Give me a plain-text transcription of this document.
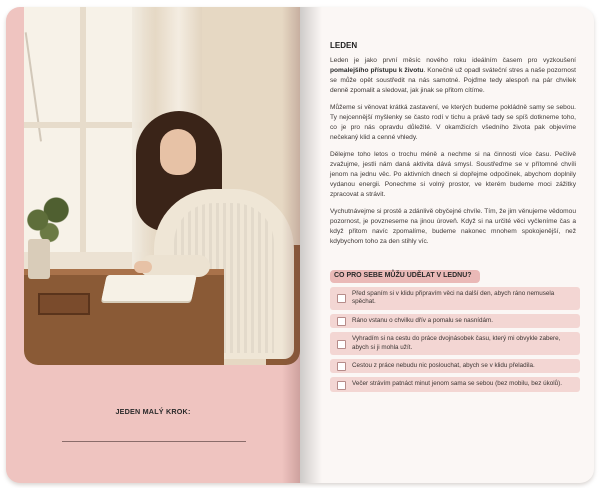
JEDEN MALÝ KROK:
LEDEN

Leden je jako první měsíc nového roku ideálním časem pro vyzkoušení pomalejšího přístupu k životu. Konečně už opadl sváteční stres a naše pozornost se může opět soustředit na nás samotné. Pojďme tedy alespoň na pár chvilek denně zpomalit a sledovat, jak jinak se přitom cítíme.

Můžeme si věnovat krátká zastavení, ve kterých budeme pokládně samy se sebou. Ty nejcennější myšlenky se často rodí v tichu a právě tady se spíš dotkneme toho, co je pro nás opravdu důležité. V okamžicích všedního života pak objevíme nečekaný klid a cenné vhledy.

Dělejme toho letos o trochu méně a nechme si na činnosti více času. Pečlivě zvažujme, jestli nám daná aktivita dává smysl. Soustřeďme se v přítomné chvíli jenom na jednu věc. Po aktivních dnech si dopřejme odpočinek, abychom doplnily vydanou energii. Ponechme si volný prostor, ve kterém budeme moci zážitky zpracovat a strávit.

Vychutnávejme si prostě a zdánlivě obyčejné chvíle. Tím, že jim věnujeme vědomou pozornost, je povzneseme na jinou úroveň. Když si na určité věci vyčleníme čas a když přitom navíc zpomalíme, budeme nakonec mnohem spokojenější, než kdybychom toho za den stihly víc.

CO PRO SEBE MŮŽU UDĚLAT V LEDNU?
Před spaním si v klidu připravím věci na další den, abych ráno nemusela spěchat.
Ráno vstanu o chvilku dřív a pomalu se nasnídám.
Vyhradím si na cestu do práce dvojnásobek času, který mi obvykle zabere, abych si ji mohla užít.
Cestou z práce nebudu nic poslouchat, abych se v klidu přeladila.
Večer strávím patnáct minut jenom sama se sebou (bez mobilu, bez úkolů).
